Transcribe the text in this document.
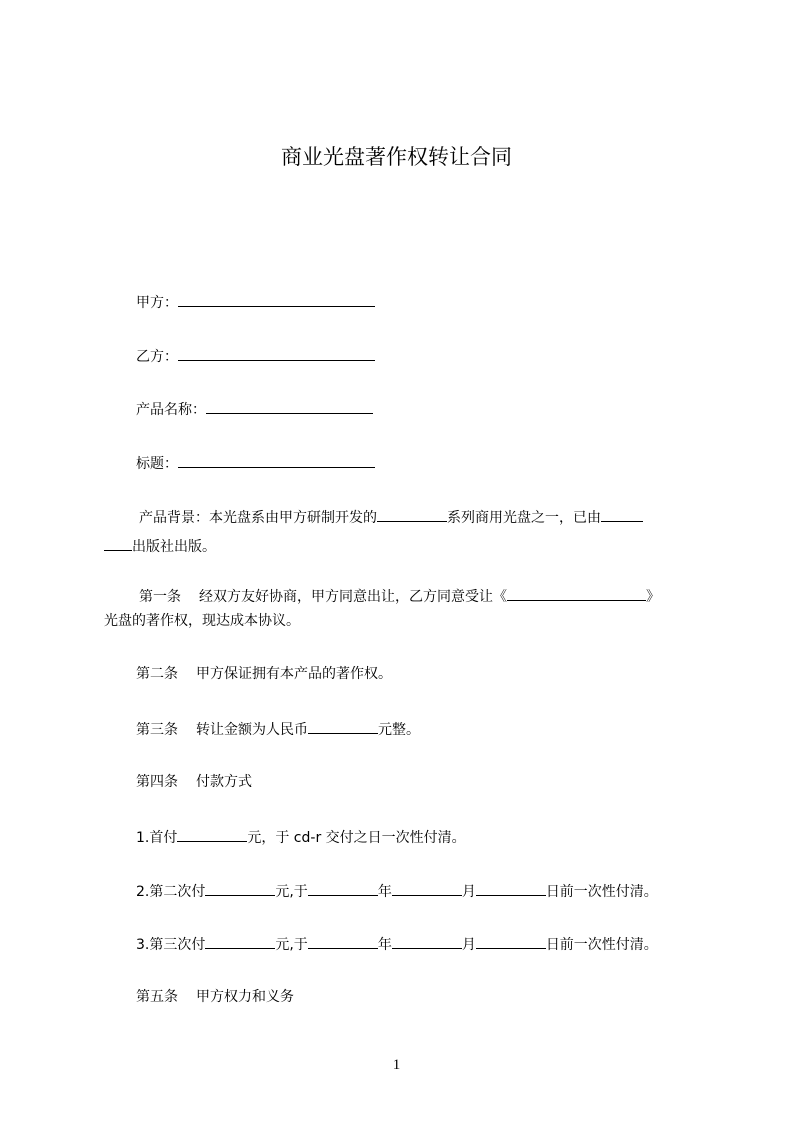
商业光盘著作权转让合同
甲方：
乙方：
产品名称：
标题：
产品背景：本光盘系由甲方研制开发的	系列商用光盘之一，已由
出版社出版。
第一条 经双方友好协商，甲方同意出让，乙方同意受让《	》
光盘的著作权，现达成本协议。
第二条 甲方保证拥有本产品的著作权。
第三条 转让金额为人民币	元整。
第四条 付款方式
1.首付	元，于 cd-r 交付之日一次性付清。
2.第二次付	元,于	年	月	日前一次性付清。
3.第三次付	元,于	年	月	日前一次性付清。
第五条 甲方权力和义务
1
